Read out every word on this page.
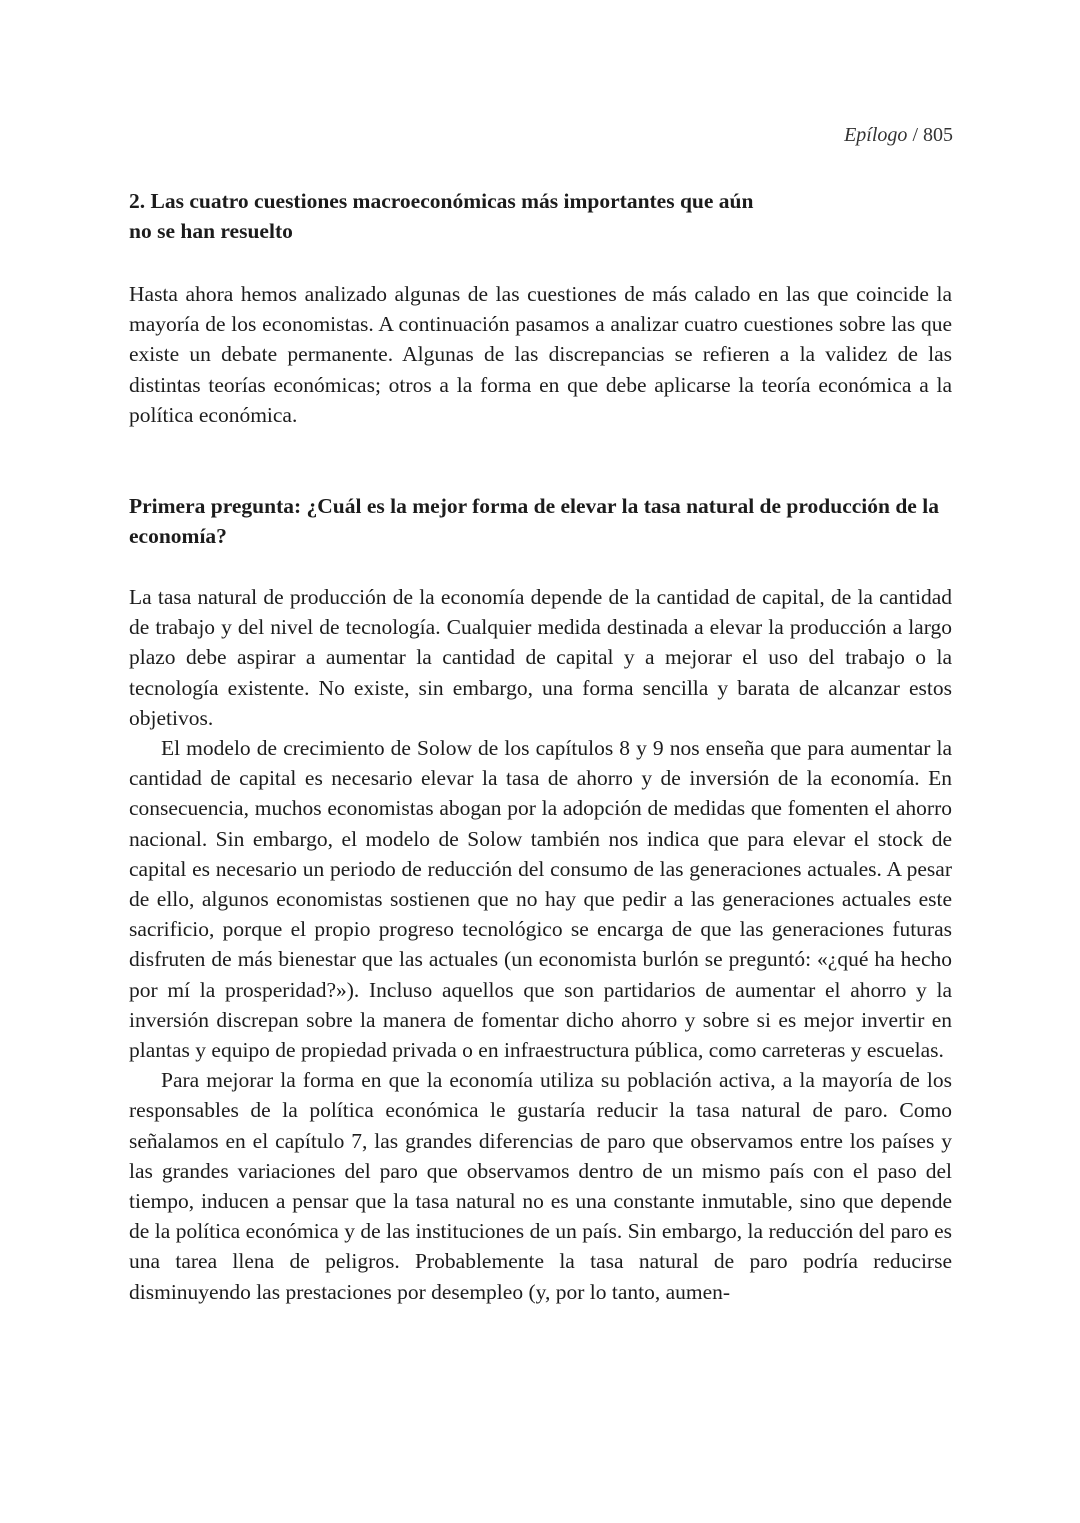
Epílogo / 805
2. Las cuatro cuestiones macroeconómicas más importantes que aún
no se han resuelto

Hasta ahora hemos analizado algunas de las cuestiones de más calado en las que coincide la mayoría de los economistas. A continuación pasamos a analizar cuatro cuestiones sobre las que existe un debate permanente. Algunas de las discrepancias se refieren a la validez de las distintas teorías económicas; otros a la forma en que debe aplicarse la teoría económica a la política económica.

Primera pregunta: ¿Cuál es la mejor forma de elevar la tasa natural de producción de la economía?

La tasa natural de producción de la economía depende de la cantidad de capital, de la cantidad de trabajo y del nivel de tecnología. Cualquier medida destinada a elevar la producción a largo plazo debe aspirar a aumentar la cantidad de capital y a mejorar el uso del trabajo o la tecnología existente. No existe, sin embargo, una forma sencilla y barata de alcanzar estos objetivos.

El modelo de crecimiento de Solow de los capítulos 8 y 9 nos enseña que para aumentar la cantidad de capital es necesario elevar la tasa de ahorro y de inversión de la economía. En consecuencia, muchos economistas abogan por la adopción de medidas que fomenten el ahorro nacional. Sin embargo, el modelo de Solow también nos indica que para elevar el stock de capital es necesario un periodo de reducción del consumo de las generaciones actuales. A pesar de ello, algunos economistas sostienen que no hay que pedir a las generaciones actuales este sacrificio, porque el propio progreso tecnológico se encarga de que las generaciones futuras disfruten de más bienestar que las actuales (un economista burlón se preguntó: «¿qué ha hecho por mí la prosperidad?»). Incluso aquellos que son partidarios de aumentar el ahorro y la inversión discrepan sobre la manera de fomentar dicho ahorro y sobre si es mejor invertir en plantas y equipo de propiedad privada o en infraestructura pública, como carreteras y escuelas.

Para mejorar la forma en que la economía utiliza su población activa, a la mayoría de los responsables de la política económica le gustaría reducir la tasa natural de paro. Como señalamos en el capítulo 7, las grandes diferencias de paro que observamos entre los países y las grandes variaciones del paro que observamos dentro de un mismo país con el paso del tiempo, inducen a pensar que la tasa natural no es una constante inmutable, sino que depende de la política económica y de las instituciones de un país. Sin embargo, la reducción del paro es una tarea llena de peligros. Probablemente la tasa natural de paro podría reducirse disminuyendo las prestaciones por desempleo (y, por lo tanto, aumen-
